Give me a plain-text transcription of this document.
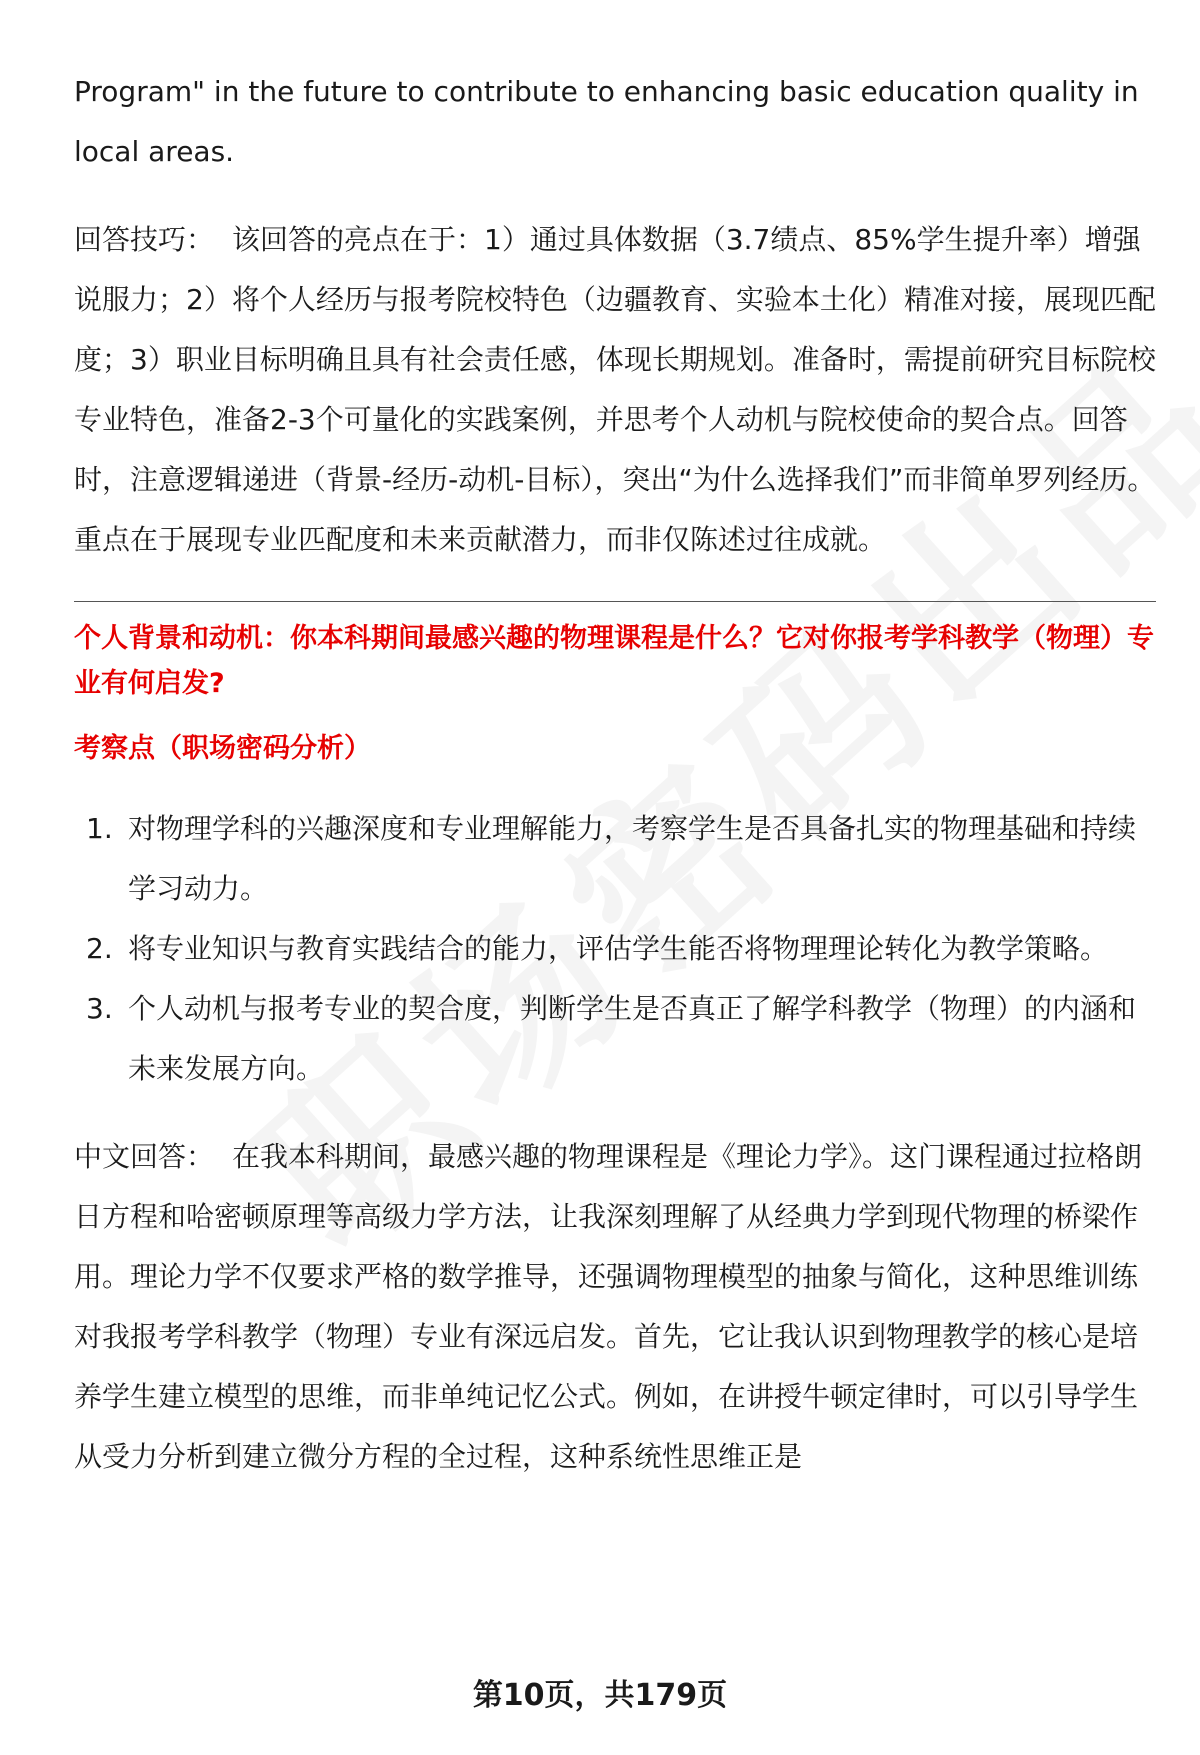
Program" in the future to contribute to enhancing basic education quality in local areas.

回答技巧： 该回答的亮点在于：1）通过具体数据（3.7绩点、85%学生提升率）增强说服力；2）将个人经历与报考院校特色（边疆教育、实验本土化）精准对接，展现匹配度；3）职业目标明确且具有社会责任感，体现长期规划。准备时，需提前研究目标院校专业特色，准备2-3个可量化的实践案例，并思考个人动机与院校使命的契合点。回答时，注意逻辑递进（背景-经历-动机-目标），突出“为什么选择我们”而非简单罗列经历。重点在于展现专业匹配度和未来贡献潜力，而非仅陈述过往成就。

个人背景和动机：你本科期间最感兴趣的物理课程是什么？它对你报考学科教学（物理）专业有何启发?

考察点（职场密码分析）

1. 对物理学科的兴趣深度和专业理解能力，考察学生是否具备扎实的物理基础和持续学习动力。
2. 将专业知识与教育实践结合的能力，评估学生能否将物理理论转化为教学策略。
3. 个人动机与报考专业的契合度，判断学生是否真正了解学科教学（物理）的内涵和未来发展方向。

中文回答： 在我本科期间，最感兴趣的物理课程是《理论力学》。这门课程通过拉格朗日方程和哈密顿原理等高级力学方法，让我深刻理解了从经典力学到现代物理的桥梁作用。理论力学不仅要求严格的数学推导，还强调物理模型的抽象与简化，这种思维训练对我报考学科教学（物理）专业有深远启发。首先，它让我认识到物理教学的核心是培养学生建立模型的思维，而非单纯记忆公式。例如，在讲授牛顿定律时，可以引导学生从受力分析到建立微分方程的全过程，这种系统性思维正是

第10页，共179页
